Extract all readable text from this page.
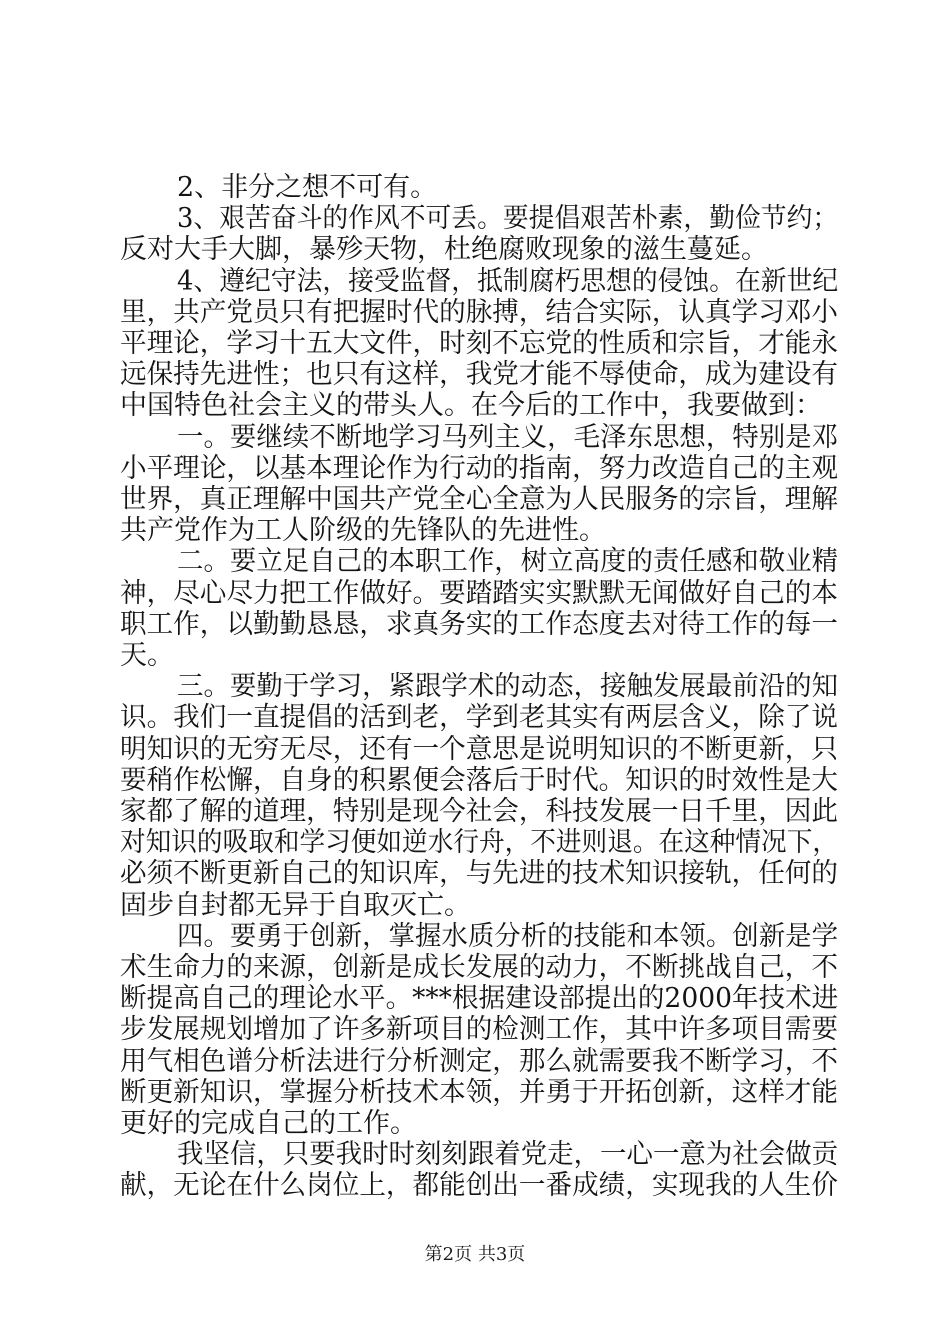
2、非分之想不可有。
3、艰苦奋斗的作风不可丢。要提倡艰苦朴素，勤俭节约；
反对大手大脚，暴殄天物，杜绝腐败现象的滋生蔓延。
4、遵纪守法，接受监督，抵制腐朽思想的侵蚀。在新世纪
里，共产党员只有把握时代的脉搏，结合实际，认真学习邓小
平理论，学习十五大文件，时刻不忘党的性质和宗旨，才能永
远保持先进性；也只有这样，我党才能不辱使命，成为建设有
中国特色社会主义的带头人。在今后的工作中，我要做到：
一。要继续不断地学习马列主义，毛泽东思想，特别是邓
小平理论，以基本理论作为行动的指南，努力改造自己的主观
世界，真正理解中国共产党全心全意为人民服务的宗旨，理解
共产党作为工人阶级的先锋队的先进性。
二。要立足自己的本职工作，树立高度的责任感和敬业精
神，尽心尽力把工作做好。要踏踏实实默默无闻做好自己的本
职工作，以勤勤恳恳，求真务实的工作态度去对待工作的每一
天。
三。要勤于学习，紧跟学术的动态，接触发展最前沿的知
识。我们一直提倡的活到老，学到老其实有两层含义，除了说
明知识的无穷无尽，还有一个意思是说明知识的不断更新，只
要稍作松懈，自身的积累便会落后于时代。知识的时效性是大
家都了解的道理，特别是现今社会，科技发展一日千里，因此
对知识的吸取和学习便如逆水行舟，不进则退。在这种情况下，
必须不断更新自己的知识库，与先进的技术知识接轨，任何的
固步自封都无异于自取灭亡。
四。要勇于创新，掌握水质分析的技能和本领。创新是学
术生命力的来源，创新是成长发展的动力，不断挑战自己，不
断提高自己的理论水平。***根据建设部提出的2000年技术进
步发展规划增加了许多新项目的检测工作，其中许多项目需要
用气相色谱分析法进行分析测定，那么就需要我不断学习，不
断更新知识，掌握分析技术本领，并勇于开拓创新，这样才能
更好的完成自己的工作。
我坚信，只要我时时刻刻跟着党走，一心一意为社会做贡
献，无论在什么岗位上，都能创出一番成绩，实现我的人生价
第2页 共3页
